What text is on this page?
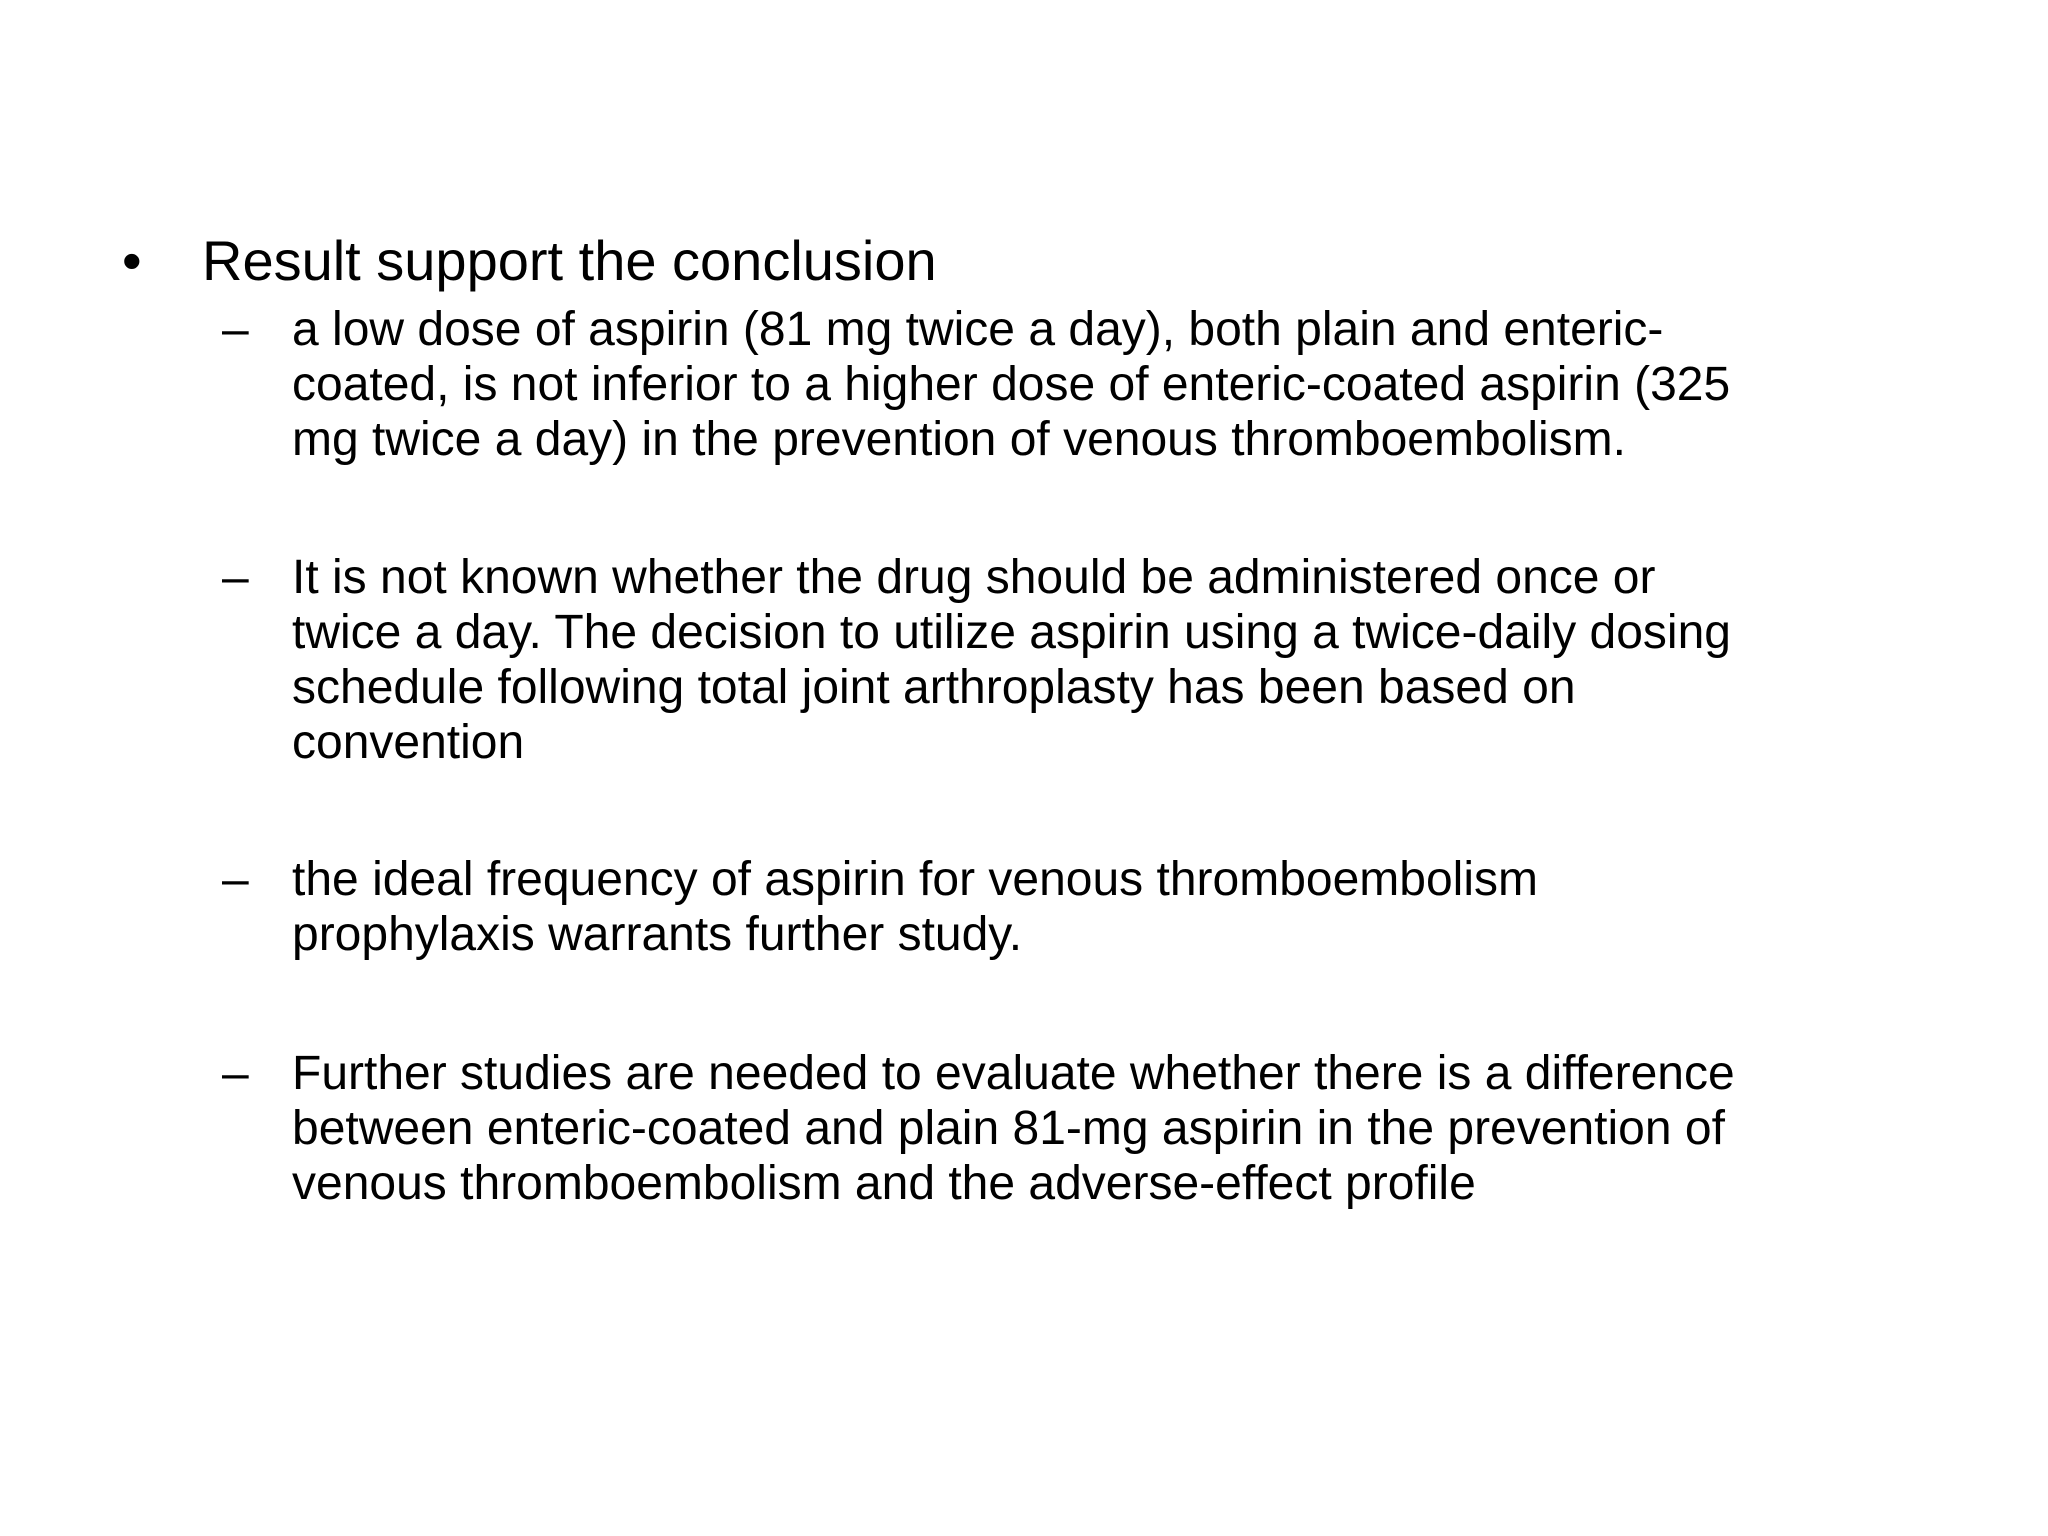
• Result support the conclusion
– a low dose of aspirin (81 mg twice a day), both plain and enteric-
coated, is not inferior to a higher dose of enteric-coated aspirin (325
mg twice a day) in the prevention of venous thromboembolism.
– It is not known whether the drug should be administered once or
twice a day. The decision to utilize aspirin using a twice-daily dosing
schedule following total joint arthroplasty has been based on
convention
– the ideal frequency of aspirin for venous thromboembolism
prophylaxis warrants further study.
– Further studies are needed to evaluate whether there is a difference
between enteric-coated and plain 81-mg aspirin in the prevention of
venous thromboembolism and the adverse-effect profile
